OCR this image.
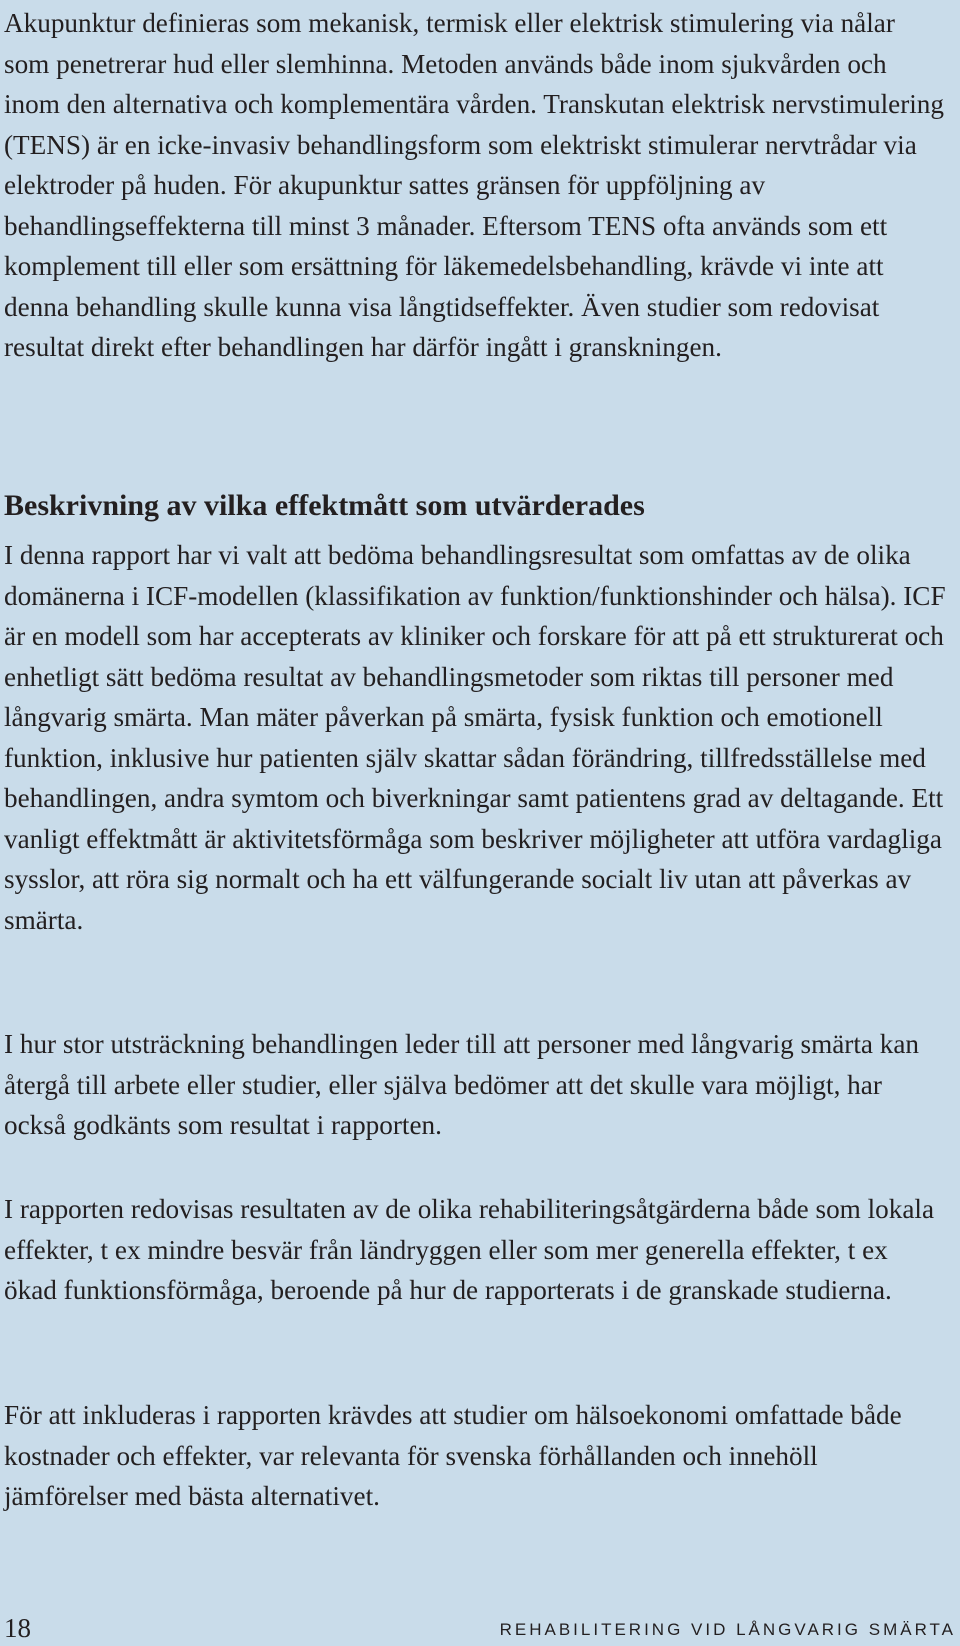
Akupunktur definieras som mekanisk, termisk eller elektrisk stimulering via nålar som penetrerar hud eller slemhinna. Metoden används både inom sjukvården och inom den alternativa och komplementära vården. Transkutan elektrisk nervstimulering (TENS) är en icke-invasiv behandlingsform som elektriskt stimulerar nervtrådar via elektroder på huden. För akupunktur sattes gränsen för uppföljning av behandlingseffekterna till minst 3 månader. Eftersom TENS ofta används som ett komplement till eller som ersättning för läkemedelsbehandling, krävde vi inte att denna behandling skulle kunna visa långtidseffekter. Även studier som redovisat resultat direkt efter behandlingen har därför ingått i granskningen.

Beskrivning av vilka effektmått som utvärderades

I denna rapport har vi valt att bedöma behandlingsresultat som omfattas av de olika domänerna i ICF-modellen (klassifikation av funktion/funktionshinder och hälsa). ICF är en modell som har accepterats av kliniker och forskare för att på ett strukturerat och enhetligt sätt bedöma resultat av behandlingsmetoder som riktas till personer med långvarig smärta. Man mäter påverkan på smärta, fysisk funktion och emotionell funktion, inklusive hur patienten själv skattar sådan förändring, tillfredsställelse med behandlingen, andra symtom och biverkningar samt patientens grad av deltagande. Ett vanligt effektmått är aktivitetsförmåga som beskriver möjligheter att utföra vardagliga sysslor, att röra sig normalt och ha ett välfungerande socialt liv utan att påverkas av smärta.

I hur stor utsträckning behandlingen leder till att personer med långvarig smärta kan återgå till arbete eller studier, eller själva bedömer att det skulle vara möjligt, har också godkänts som resultat i rapporten.

I rapporten redovisas resultaten av de olika rehabiliteringsåtgärderna både som lokala effekter, t ex mindre besvär från ländryggen eller som mer generella effekter, t ex ökad funktionsförmåga, beroende på hur de rapporterats i de granskade studierna.

För att inkluderas i rapporten krävdes att studier om hälsoekonomi omfattade både kostnader och effekter, var relevanta för svenska förhållanden och innehöll jämförelser med bästa alternativet.

18	REHABILITERING VID LÅNGVARIG SMÄRTA
